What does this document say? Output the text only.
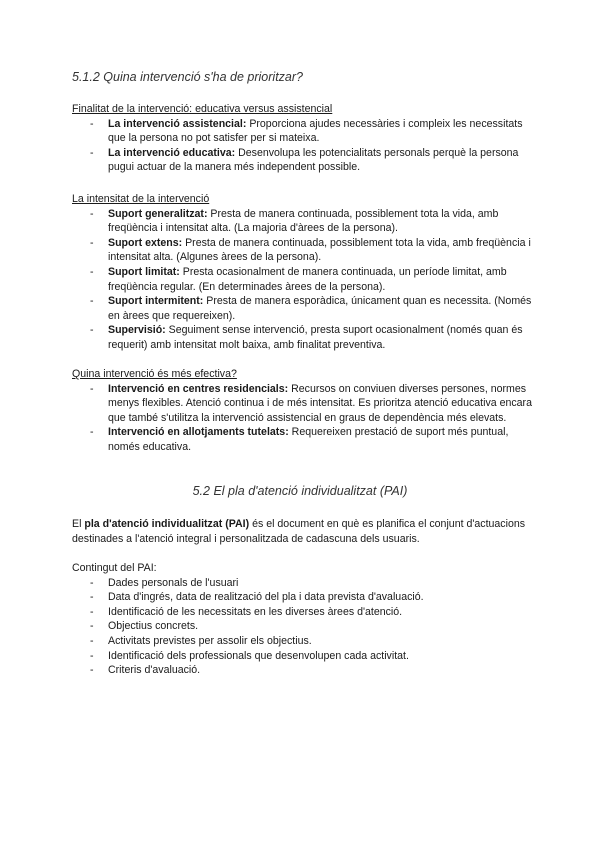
5.1.2 Quina intervenció s'ha de prioritzar?

Finalitat de la intervenció: educativa versus assistencial

- La intervenció assistencial: Proporciona ajudes necessàries i compleix les necessitats que la persona no pot satisfer per si mateixa.
- La intervenció educativa: Desenvolupa les potencialitats personals perquè la persona pugui actuar de la manera més independent possible.

La intensitat de la intervenció

- Suport generalitzat: Presta de manera continuada, possiblement tota la vida, amb freqüència i intensitat alta. (La majoria d'àrees de la persona).
- Suport extens: Presta de manera continuada, possiblement tota la vida, amb freqüència i intensitat alta. (Algunes àrees de la persona).
- Suport limitat: Presta ocasionalment de manera continuada, un període limitat, amb freqüència regular. (En determinades àrees de la persona).
- Suport intermitent: Presta de manera esporàdica, únicament quan es necessita. (Només en àrees que requereixen).
- Supervisió: Seguiment sense intervenció, presta suport ocasionalment (només quan és requerit) amb intensitat molt baixa, amb finalitat preventiva.

Quina intervenció és més efectiva?

- Intervenció en centres residencials: Recursos on conviuen diverses persones, normes menys flexibles. Atenció continua i de més intensitat. Es prioritza atenció educativa encara que també s'utilitza la intervenció assistencial en graus de dependència més elevats.
- Intervenció en allotjaments tutelats: Requereixen prestació de suport més puntual, només educativa.
5.2 El pla d'atenció individualitzat (PAI)

El pla d'atenció individualitzat (PAI) és el document en què es planifica el conjunt d'actuacions destinades a l'atenció integral i personalitzada de cadascuna dels usuaris.

Contingut del PAI:

- Dades personals de l'usuari
- Data d'ingrés, data de realització del pla i data prevista d'avaluació.
- Identificació de les necessitats en les diverses àrees d'atenció.
- Objectius concrets.
- Activitats previstes per assolir els objectius.
- Identificació dels professionals que desenvolupen cada activitat.
- Criteris d'avaluació.
